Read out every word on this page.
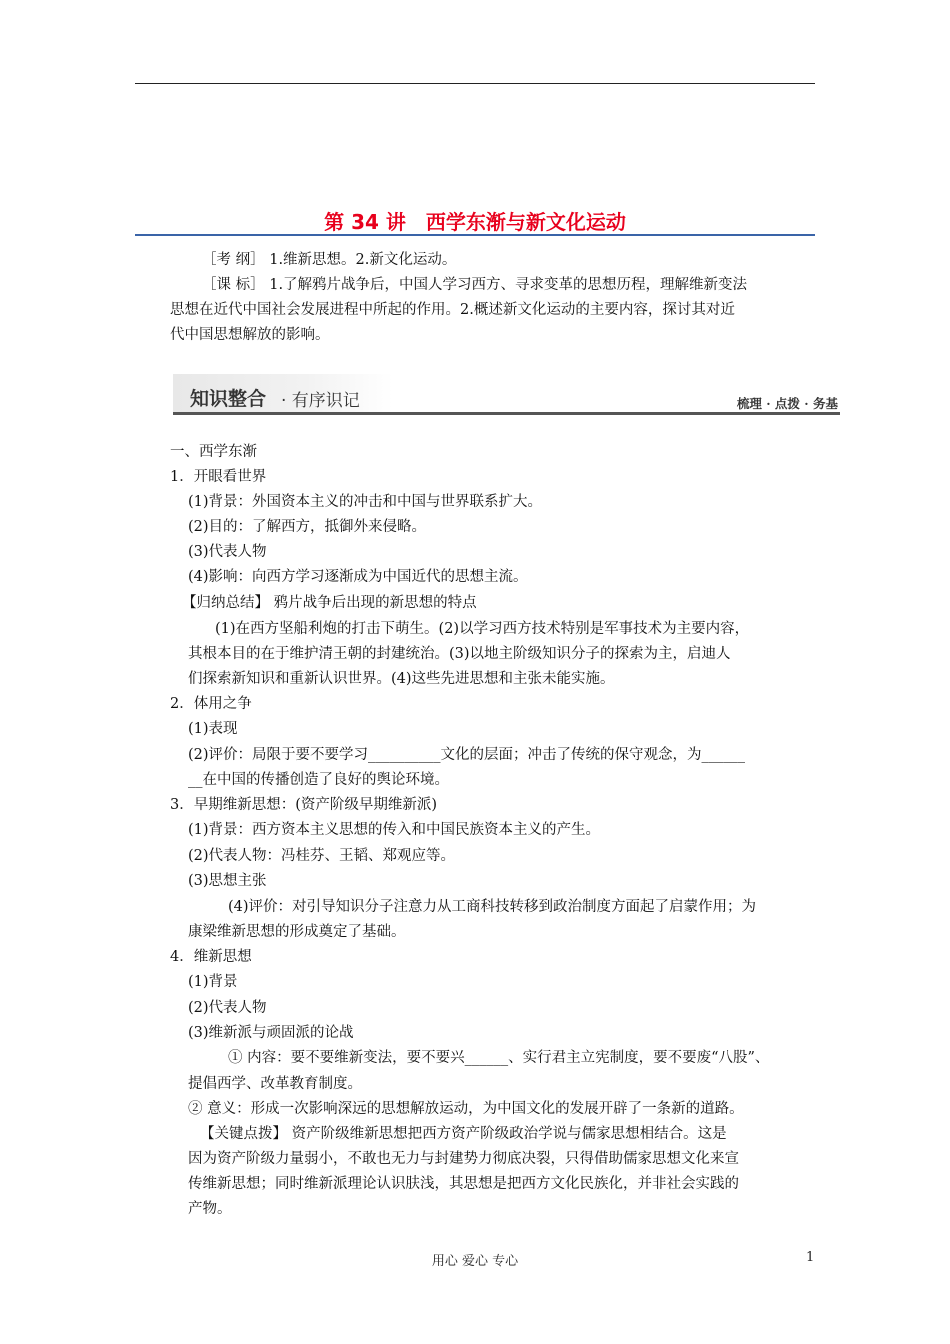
第 34 讲　西学东渐与新文化运动
［考 纲］ 1.维新思想。2.新文化运动。
［课 标］ 1.了解鸦片战争后，中国人学习西方、寻求变革的思想历程，理解维新变法
思想在近代中国社会发展进程中所起的作用。2.概述新文化运动的主要内容，探讨其对近
代中国思想解放的影响。
知识整合 · 有序识记	梳理 · 点拨 · 务基
一、西学东渐
1．开眼看世界
(1)背景：外国资本主义的冲击和中国与世界联系扩大。
(2)目的：了解西方，抵御外来侵略。
(3)代表人物
(4)影响：向西方学习逐渐成为中国近代的思想主流。
【归纳总结】 鸦片战争后出现的新思想的特点
(1)在西方坚船利炮的打击下萌生。(2)以学习西方技术特别是军事技术为主要内容，
其根本目的在于维护清王朝的封建统治。(3)以地主阶级知识分子的探索为主，启迪人
们探索新知识和重新认识世界。(4)这些先进思想和主张未能实施。
2．体用之争
(1)表现
(2)评价：局限于要不要学习__________文化的层面；冲击了传统的保守观念，为______
__在中国的传播创造了良好的舆论环境。
3．早期维新思想：(资产阶级早期维新派)
(1)背景：西方资本主义思想的传入和中国民族资本主义的产生。
(2)代表人物：冯桂芬、王韬、郑观应等。
(3)思想主张
(4)评价：对引导知识分子注意力从工商科技转移到政治制度方面起了启蒙作用；为
康梁维新思想的形成奠定了基础。
4．维新思想
(1)背景
(2)代表人物
(3)维新派与顽固派的论战
① 内容：要不要维新变法，要不要兴______、实行君主立宪制度，要不要废“八股”、
提倡西学、改革教育制度。
② 意义：形成一次影响深远的思想解放运动，为中国文化的发展开辟了一条新的道路。
【关键点拨】 资产阶级维新思想把西方资产阶级政治学说与儒家思想相结合。这是
因为资产阶级力量弱小，不敢也无力与封建势力彻底决裂，只得借助儒家思想文化来宣
传维新思想；同时维新派理论认识肤浅，其思想是把西方文化民族化，并非社会实践的
产物。
用心 爱心 专心	1
